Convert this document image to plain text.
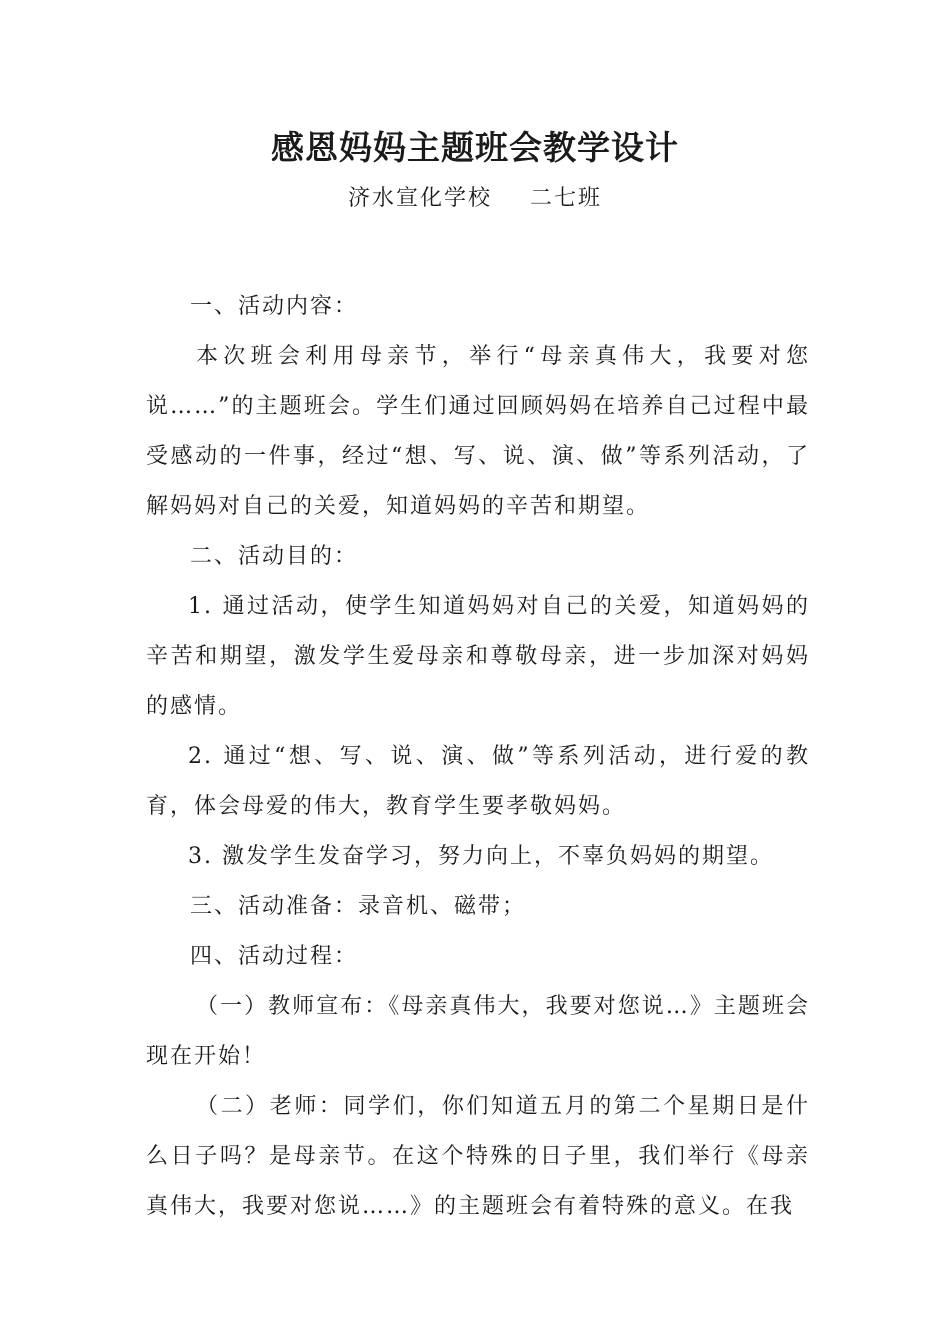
感恩妈妈主题班会教学设计
济水宣化学校 二七班

一、活动内容：

本次班会利用母亲节，举行“母亲真伟大，我要对您说……”的主题班会。学生们通过回顾妈妈在培养自己过程中最受感动的一件事，经过“想、写、说、演、做”等系列活动，了解妈妈对自己的关爱，知道妈妈的辛苦和期望。

二、活动目的：

1. 通过活动，使学生知道妈妈对自己的关爱，知道妈妈的辛苦和期望，激发学生爱母亲和尊敬母亲，进一步加深对妈妈的感情。

2. 通过“想、写、说、演、做”等系列活动，进行爱的教育，体会母爱的伟大，教育学生要孝敬妈妈。

3. 激发学生发奋学习，努力向上，不辜负妈妈的期望。

三、活动准备：录音机、磁带；

四、活动过程：

（一）教师宣布：《母亲真伟大，我要对您说…》主题班会现在开始！

（二）老师：同学们，你们知道五月的第二个星期日是什么日子吗？是母亲节。在这个特殊的日子里，我们举行《母亲真伟大，我要对您说……》的主题班会有着特殊的意义。在我
